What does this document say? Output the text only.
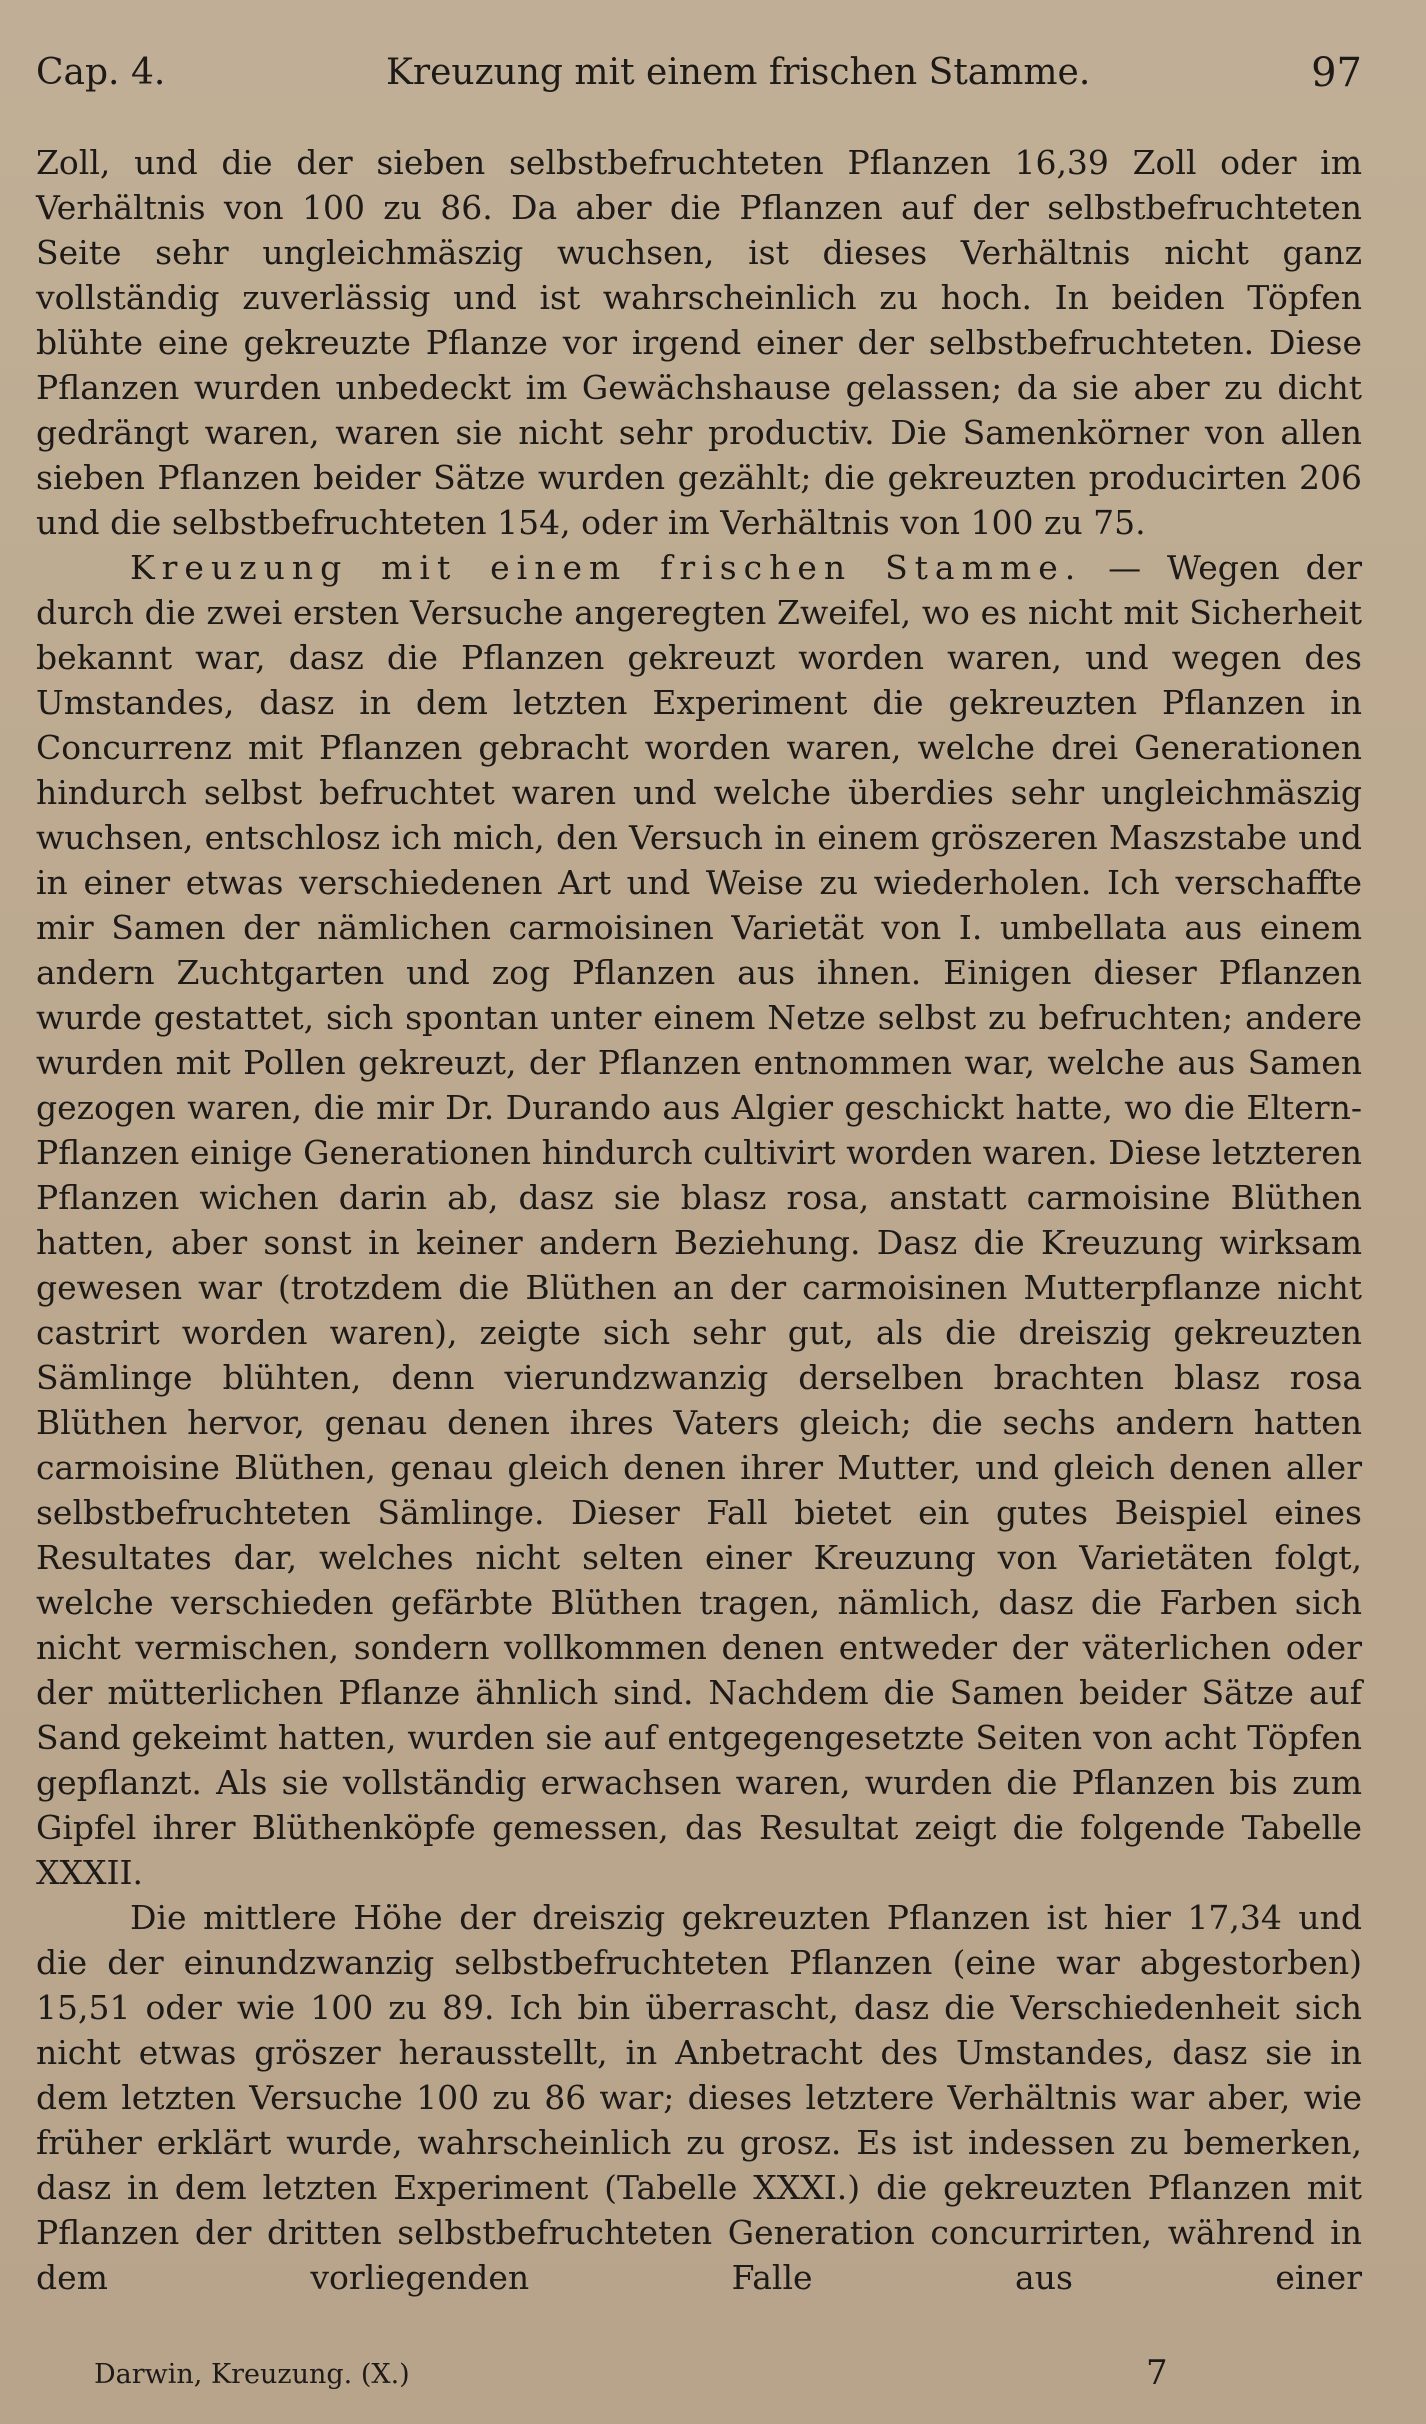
Cap. 4.	Kreuzung mit einem frischen Stamme.	97

Zoll, und die der sieben selbstbefruchteten Pflanzen 16,39 Zoll oder im Verhältnis von 100 zu 86. Da aber die Pflanzen auf der selbstbefruchteten Seite sehr ungleichmäszig wuchsen, ist dieses Verhältnis nicht ganz vollständig zuverlässig und ist wahrscheinlich zu hoch. In beiden Töpfen blühte eine gekreuzte Pflanze vor irgend einer der selbstbefruchteten. Diese Pflanzen wurden unbedeckt im Gewächshause gelassen; da sie aber zu dicht gedrängt waren, waren sie nicht sehr productiv. Die Samenkörner von allen sieben Pflanzen beider Sätze wurden gezählt; die gekreuzten producirten 206 und die selbstbefruchteten 154, oder im Verhältnis von 100 zu 75.

Kreuzung mit einem frischen Stamme. — Wegen der durch die zwei ersten Versuche angeregten Zweifel, wo es nicht mit Sicherheit bekannt war, dasz die Pflanzen gekreuzt worden waren, und wegen des Umstandes, dasz in dem letzten Experiment die gekreuzten Pflanzen in Concurrenz mit Pflanzen gebracht worden waren, welche drei Generationen hindurch selbst befruchtet waren und welche überdies sehr ungleichmäszig wuchsen, entschlosz ich mich, den Versuch in einem gröszeren Maszstabe und in einer etwas verschiedenen Art und Weise zu wiederholen. Ich verschaffte mir Samen der nämlichen carmoisinen Varietät von I. umbellata aus einem andern Zuchtgarten und zog Pflanzen aus ihnen. Einigen dieser Pflanzen wurde gestattet, sich spontan unter einem Netze selbst zu befruchten; andere wurden mit Pollen gekreuzt, der Pflanzen entnommen war, welche aus Samen gezogen waren, die mir Dr. Durando aus Algier geschickt hatte, wo die Eltern-Pflanzen einige Generationen hindurch cultivirt worden waren. Diese letzteren Pflanzen wichen darin ab, dasz sie blasz rosa, anstatt carmoisine Blüthen hatten, aber sonst in keiner andern Beziehung. Dasz die Kreuzung wirksam gewesen war (trotzdem die Blüthen an der carmoisinen Mutterpflanze nicht castrirt worden waren), zeigte sich sehr gut, als die dreiszig gekreuzten Sämlinge blühten, denn vierundzwanzig derselben brachten blasz rosa Blüthen hervor, genau denen ihres Vaters gleich; die sechs andern hatten carmoisine Blüthen, genau gleich denen ihrer Mutter, und gleich denen aller selbstbefruchteten Sämlinge. Dieser Fall bietet ein gutes Beispiel eines Resultates dar, welches nicht selten einer Kreuzung von Varietäten folgt, welche verschieden gefärbte Blüthen tragen, nämlich, dasz die Farben sich nicht vermischen, sondern vollkommen denen entweder der väterlichen oder der mütterlichen Pflanze ähnlich sind. Nachdem die Samen beider Sätze auf Sand gekeimt hatten, wurden sie auf entgegengesetzte Seiten von acht Töpfen gepflanzt. Als sie vollständig erwachsen waren, wurden die Pflanzen bis zum Gipfel ihrer Blüthenköpfe gemessen, das Resultat zeigt die folgende Tabelle XXXII.

Die mittlere Höhe der dreiszig gekreuzten Pflanzen ist hier 17,34 und die der einundzwanzig selbstbefruchteten Pflanzen (eine war abgestorben) 15,51 oder wie 100 zu 89. Ich bin überrascht, dasz die Verschiedenheit sich nicht etwas gröszer herausstellt, in Anbetracht des Umstandes, dasz sie in dem letzten Versuche 100 zu 86 war; dieses letztere Verhältnis war aber, wie früher erklärt wurde, wahrscheinlich zu grosz. Es ist indessen zu bemerken, dasz in dem letzten Experiment (Tabelle XXXI.) die gekreuzten Pflanzen mit Pflanzen der dritten selbstbefruchteten Generation concurrirten, während in dem vorliegenden Falle aus einer

Darwin, Kreuzung. (X.)	7
